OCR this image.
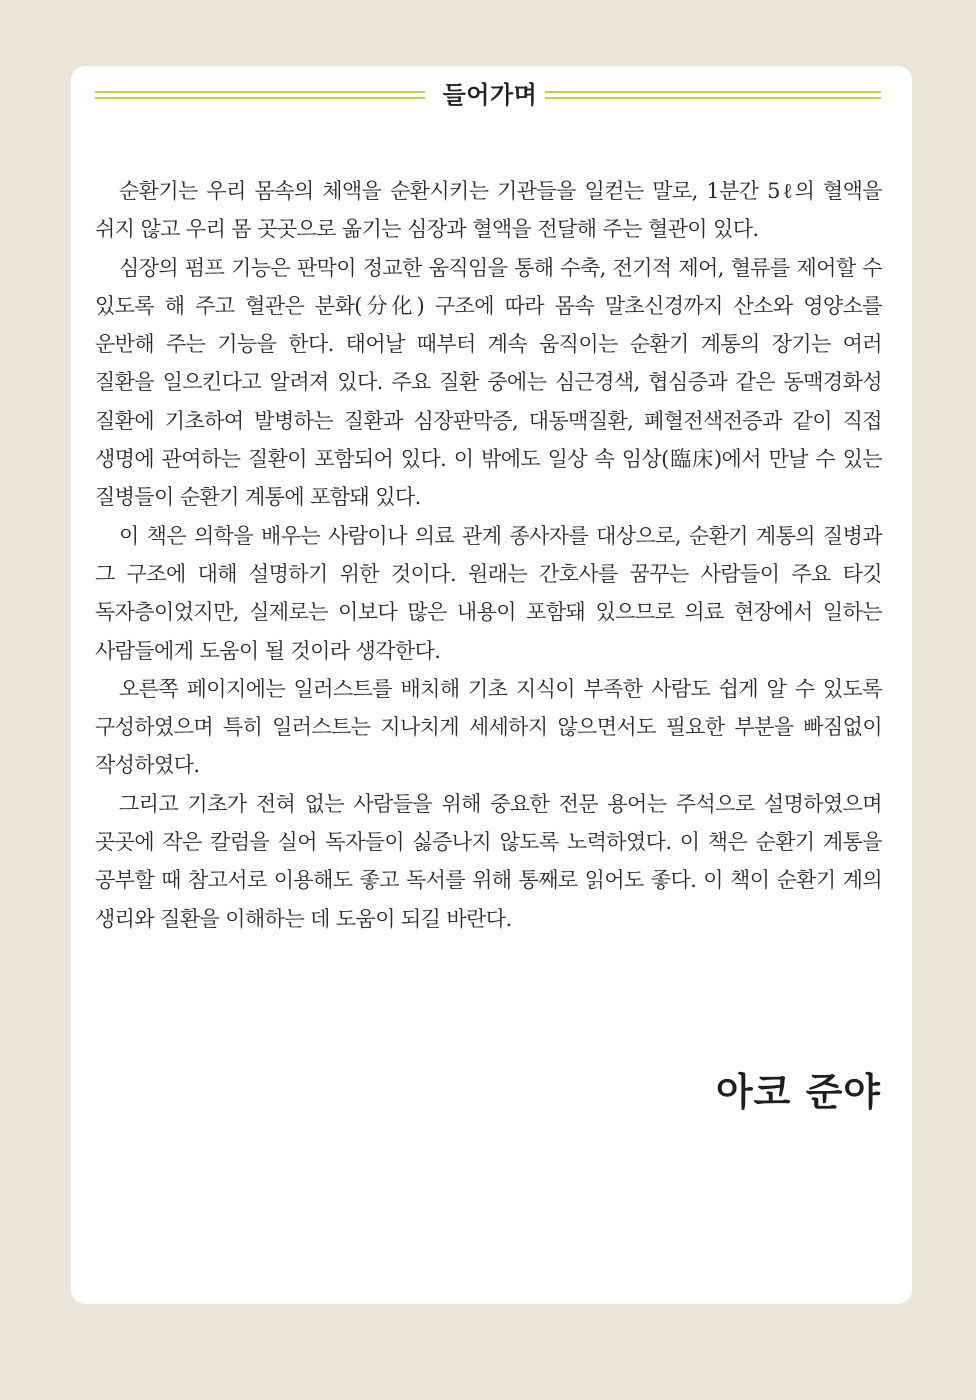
들어가며

순환기는 우리 몸속의 체액을 순환시키는 기관들을 일컫는 말로, 1분간 5ℓ의 혈액을 쉬지 않고 우리 몸 곳곳으로 옮기는 심장과 혈액을 전달해 주는 혈관이 있다.

심장의 펌프 기능은 판막이 정교한 움직임을 통해 수축, 전기적 제어, 혈류를 제어할 수 있도록 해 주고 혈관은 분화(分化) 구조에 따라 몸속 말초신경까지 산소와 영양소를 운반해 주는 기능을 한다. 태어날 때부터 계속 움직이는 순환기 계통의 장기는 여러 질환을 일으킨다고 알려져 있다. 주요 질환 중에는 심근경색, 협심증과 같은 동맥경화성 질환에 기초하여 발병하는 질환과 심장판막증, 대동맥질환, 폐혈전색전증과 같이 직접 생명에 관여하는 질환이 포함되어 있다. 이 밖에도 일상 속 임상(臨床)에서 만날 수 있는 질병들이 순환기 계통에 포함돼 있다.

이 책은 의학을 배우는 사람이나 의료 관계 종사자를 대상으로, 순환기 계통의 질병과 그 구조에 대해 설명하기 위한 것이다. 원래는 간호사를 꿈꾸는 사람들이 주요 타깃 독자층이었지만, 실제로는 이보다 많은 내용이 포함돼 있으므로 의료 현장에서 일하는 사람들에게 도움이 될 것이라 생각한다.

오른쪽 페이지에는 일러스트를 배치해 기초 지식이 부족한 사람도 쉽게 알 수 있도록 구성하였으며 특히 일러스트는 지나치게 세세하지 않으면서도 필요한 부분을 빠짐없이 작성하였다.

그리고 기초가 전혀 없는 사람들을 위해 중요한 전문 용어는 주석으로 설명하였으며 곳곳에 작은 칼럼을 실어 독자들이 싫증나지 않도록 노력하였다. 이 책은 순환기 계통을 공부할 때 참고서로 이용해도 좋고 독서를 위해 통째로 읽어도 좋다. 이 책이 순환기 계의 생리와 질환을 이해하는 데 도움이 되길 바란다.

아코 준야
